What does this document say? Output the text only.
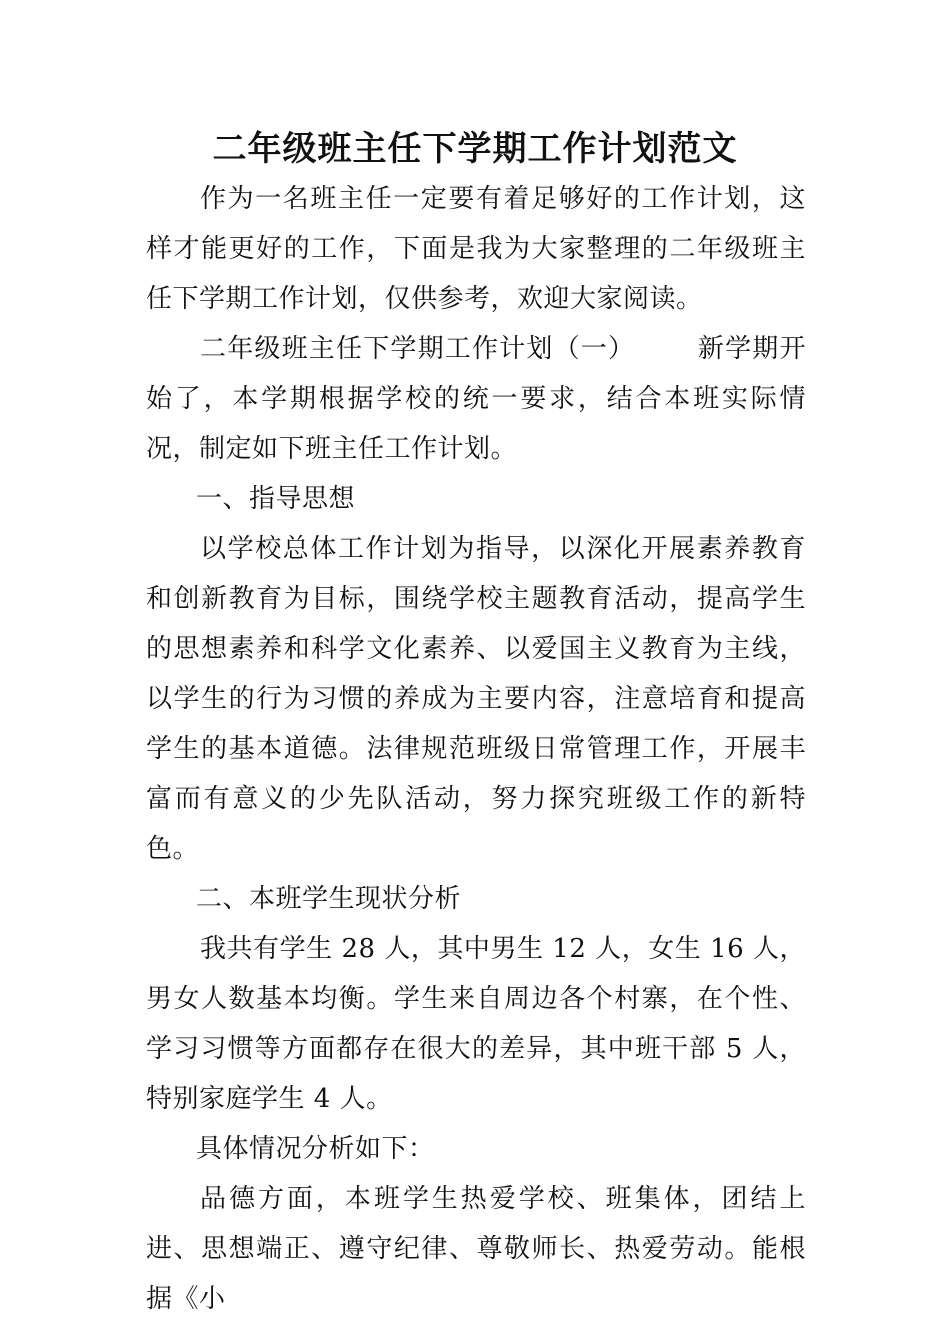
二年级班主任下学期工作计划范文

作为一名班主任一定要有着足够好的工作计划，这样才能更好的工作，下面是我为大家整理的二年级班主任下学期工作计划，仅供参考，欢迎大家阅读。

二年级班主任下学期工作计划（一） 新学期开始了，本学期根据学校的统一要求，结合本班实际情况，制定如下班主任工作计划。

一、指导思想

以学校总体工作计划为指导，以深化开展素养教育和创新教育为目标，围绕学校主题教育活动，提高学生的思想素养和科学文化素养、以爱国主义教育为主线，以学生的行为习惯的养成为主要内容，注意培育和提高学生的基本道德。法律规范班级日常管理工作，开展丰富而有意义的少先队活动，努力探究班级工作的新特色。

二、本班学生现状分析

我共有学生 28 人，其中男生 12 人，女生 16 人，男女人数基本均衡。学生来自周边各个村寨，在个性、学习习惯等方面都存在很大的差异，其中班干部 5 人，特别家庭学生 4 人。

具体情况分析如下：

品德方面，本班学生热爱学校、班集体，团结上进、思想端正、遵守纪律、尊敬师长、热爱劳动。能根据《小
